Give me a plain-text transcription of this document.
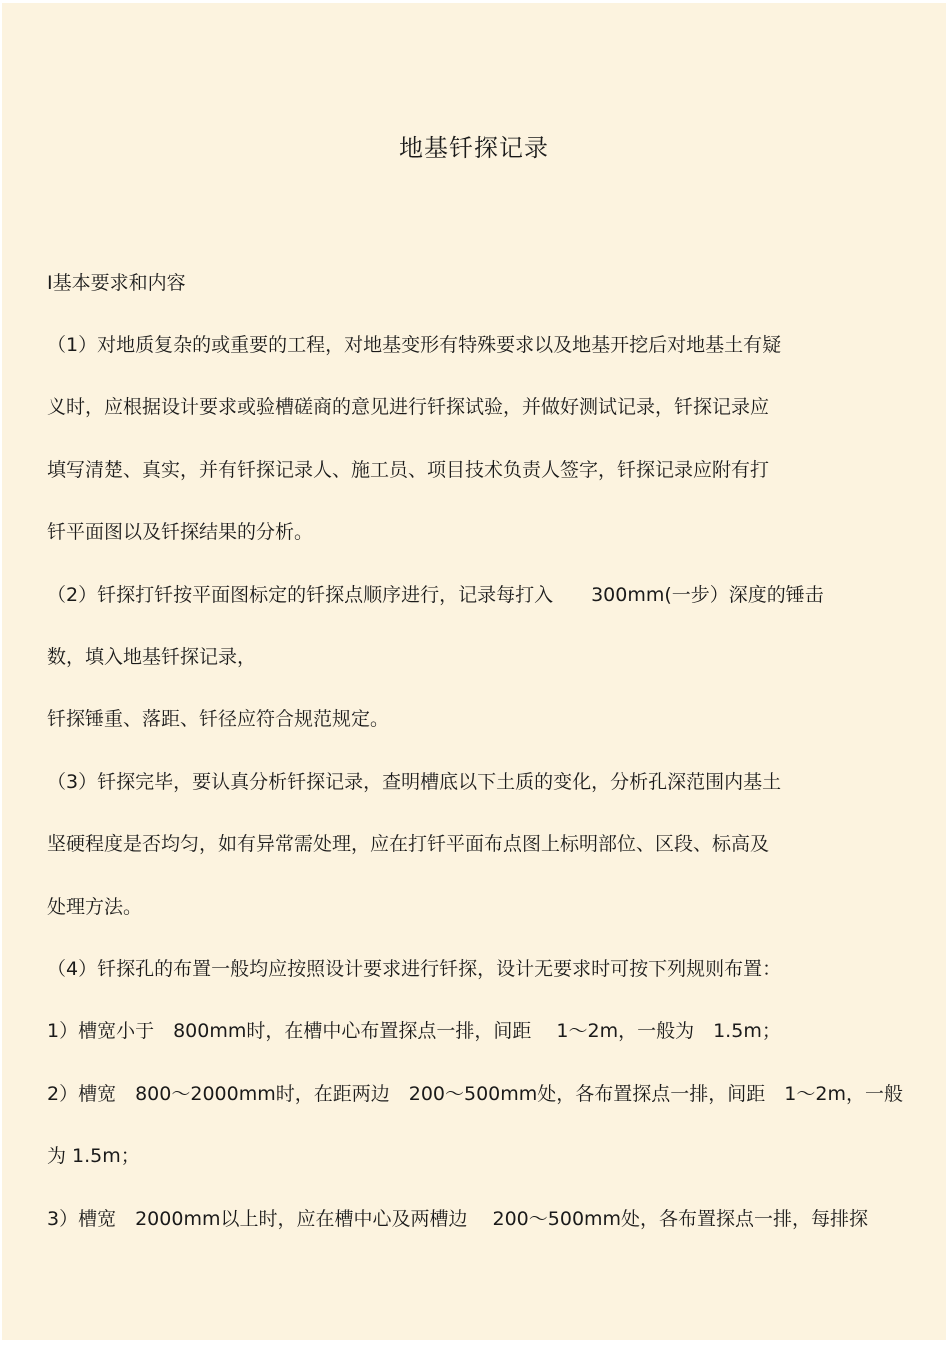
地基钎探记录
Ⅰ基本要求和内容
（1）对地质复杂的或重要的工程，对地基变形有特殊要求以及地基开挖后对地基土有疑
义时，应根据设计要求或验槽磋商的意见进行钎探试验，并做好测试记录，钎探记录应
填写清楚、真实，并有钎探记录人、施工员、项目技术负责人签字，钎探记录应附有打
钎平面图以及钎探结果的分析。
（2）钎探打钎按平面图标定的钎探点顺序进行，记录每打入　　300mm(一步）深度的锤击
数，填入地基钎探记录，
钎探锤重、落距、钎径应符合规范规定。
（3）钎探完毕，要认真分析钎探记录，查明槽底以下土质的变化，分析孔深范围内基土
坚硬程度是否均匀，如有异常需处理，应在打钎平面布点图上标明部位、区段、标高及
处理方法。
（4）钎探孔的布置一般均应按照设计要求进行钎探，设计无要求时可按下列规则布置：
1）槽宽小于　800mm时，在槽中心布置探点一排，间距　 1～2m，一般为　1.5m；
2）槽宽　800～2000mm时，在距两边　200～500mm处，各布置探点一排，间距　1～2m，一般
为 1.5m；
3）槽宽　2000mm以上时，应在槽中心及两槽边　 200～500mm处，各布置探点一排，每排探
